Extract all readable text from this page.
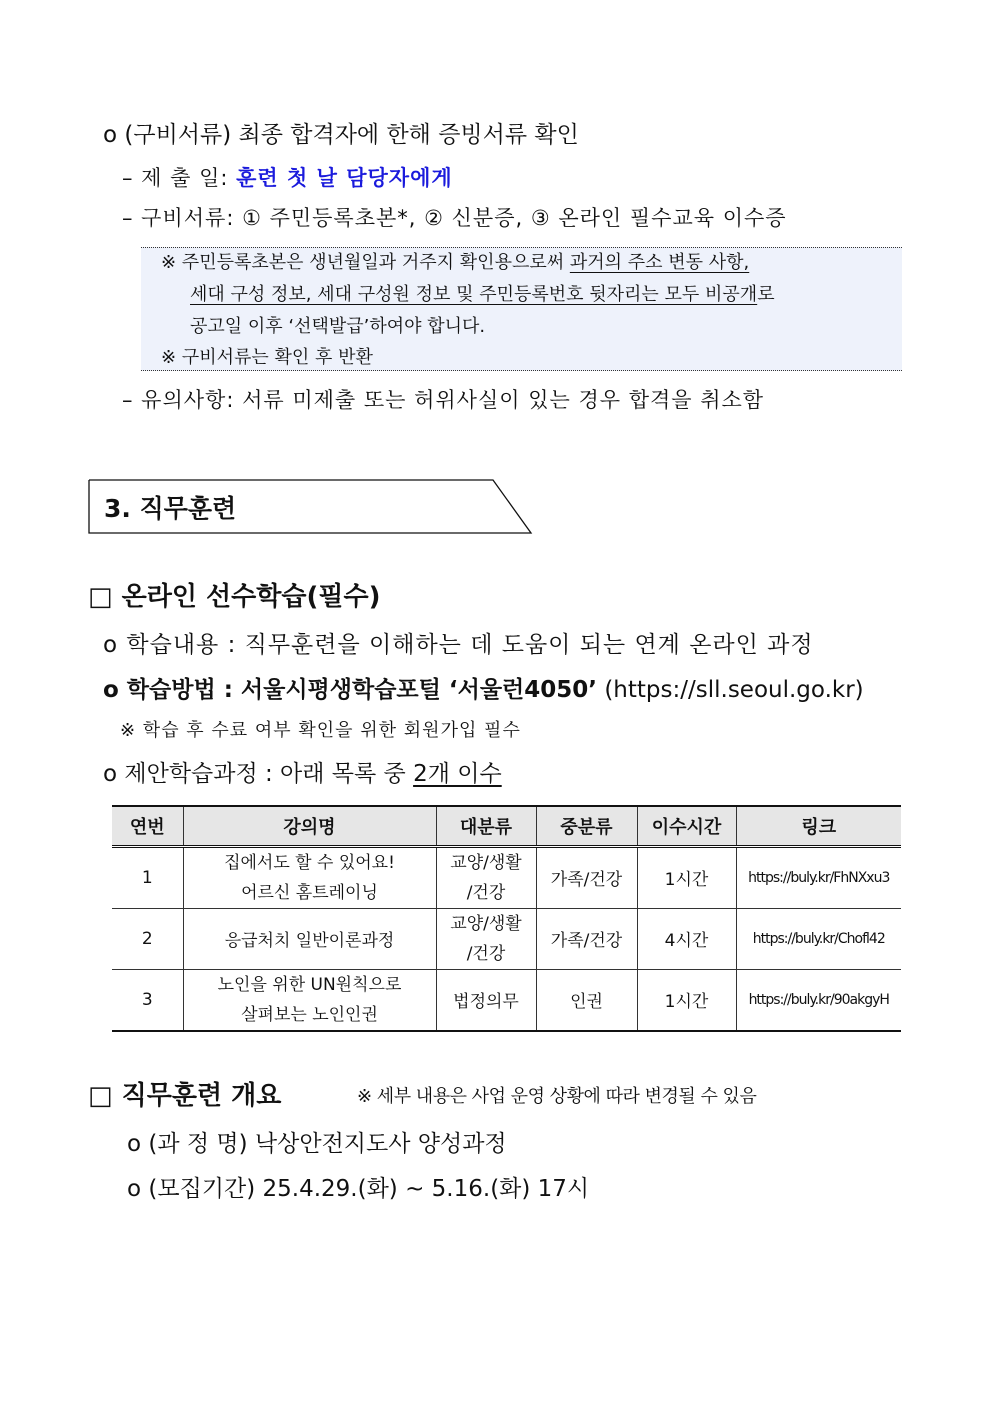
o (구비서류) 최종 합격자에 한해 증빙서류 확인
– 제 출 일: 훈련 첫 날 담당자에게
– 구비서류: ① 주민등록초본*, ② 신분증, ③ 온라인 필수교육 이수증
※ 주민등록초본은 생년월일과 거주지 확인용으로써 과거의 주소 변동 사항,
세대 구성 정보, 세대 구성원 정보 및 주민등록번호 뒷자리는 모두 비공개로
공고일 이후 ‘선택발급’하여야 합니다.
※ 구비서류는 확인 후 반환
– 유의사항: 서류 미제출 또는 허위사실이 있는 경우 합격을 취소함
3. 직무훈련
□ 온라인 선수학습(필수)
o 학습내용 : 직무훈련을 이해하는 데 도움이 되는 연계 온라인 과정
o 학습방법 : 서울시평생학습포털 ‘서울런4050’ (https://sll.seoul.go.kr)
※ 학습 후 수료 여부 확인을 위한 회원가입 필수
o 제안학습과정 : 아래 목록 중 2개 이수
연번	강의명	대분류	중분류	이수시간	링크
1	집에서도 할 수 있어요!
어르신 홈트레이닝	교양/생활
/건강	가족/건강	1시간	https://buly.kr/FhNXxu3
2	응급처치 일반이론과정	교양/생활
/건강	가족/건강	4시간	https://buly.kr/Chofl42
3	노인을 위한 UN원칙으로
살펴보는 노인인권	법정의무	인권	1시간	https://buly.kr/90akgyH
□ 직무훈련 개요	※ 세부 내용은 사업 운영 상황에 따라 변경될 수 있음
o (과 정 명) 낙상안전지도사 양성과정
o (모집기간) 25.4.29.(화) ~ 5.16.(화) 17시
